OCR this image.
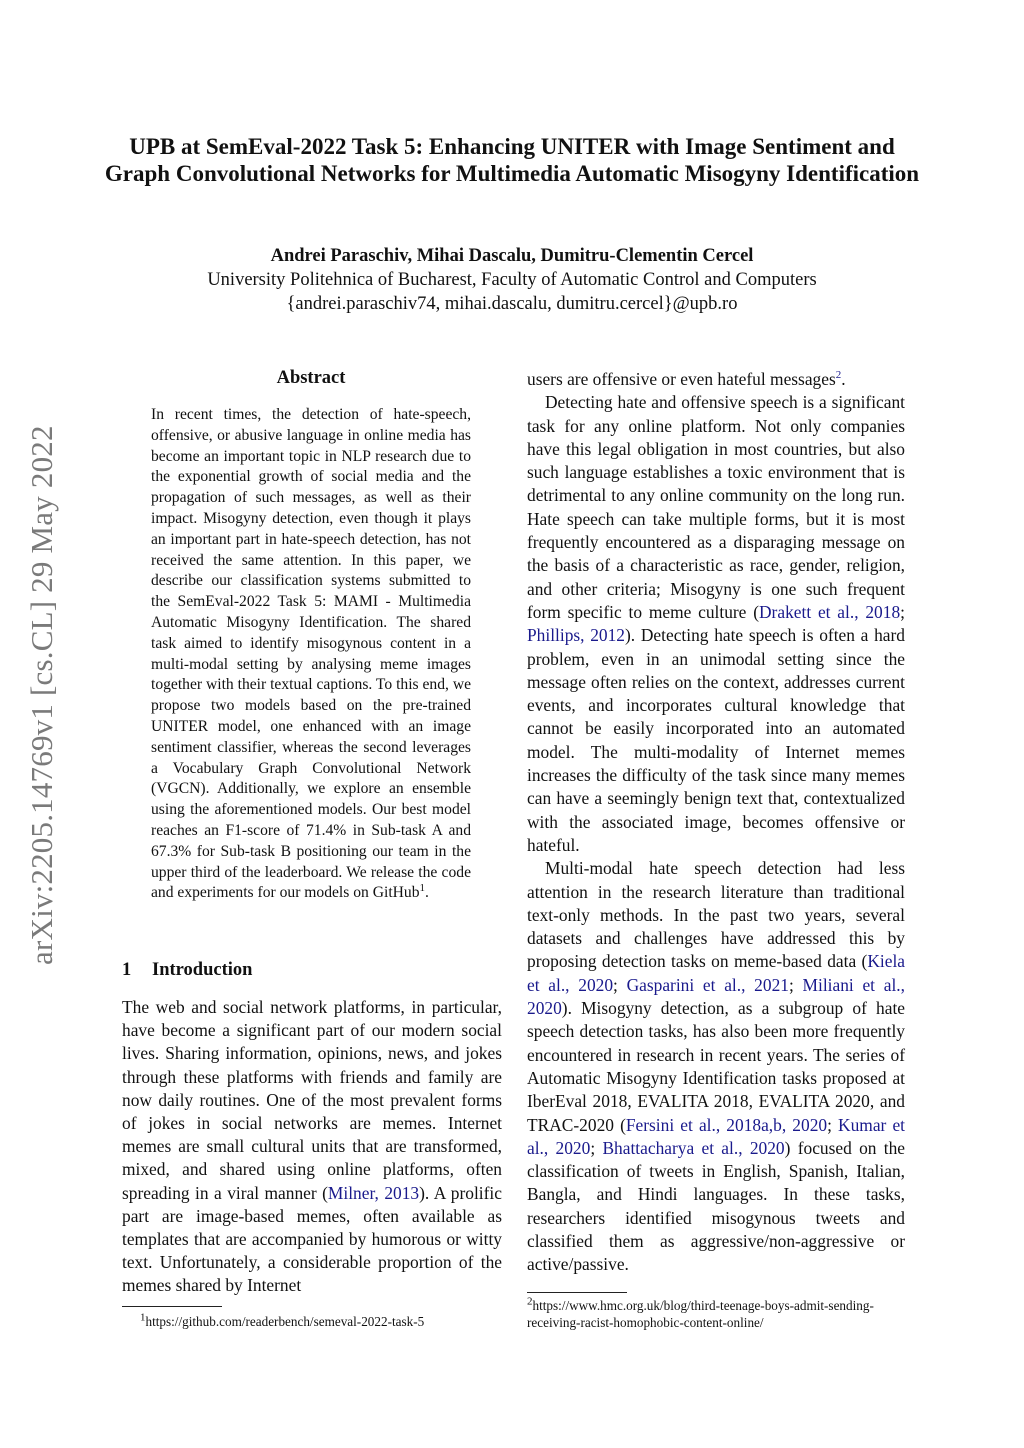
arXiv:2205.14769v1 [cs.CL] 29 May 2022
UPB at SemEval-2022 Task 5: Enhancing UNITER with Image Sentiment and Graph Convolutional Networks for Multimedia Automatic Misogyny Identification
Andrei Paraschiv, Mihai Dascalu, Dumitru-Clementin Cercel
University Politehnica of Bucharest, Faculty of Automatic Control and Computers
{andrei.paraschiv74, mihai.dascalu, dumitru.cercel}@upb.ro
Abstract
In recent times, the detection of hate-speech, offensive, or abusive language in online media has become an important topic in NLP research due to the exponential growth of social media and the propagation of such messages, as well as their impact. Misogyny detection, even though it plays an important part in hate-speech detection, has not received the same attention. In this paper, we describe our classification systems submitted to the SemEval-2022 Task 5: MAMI - Multimedia Automatic Misogyny Identification. The shared task aimed to identify misogynous content in a multi-modal setting by analysing meme images together with their textual captions. To this end, we propose two models based on the pre-trained UNITER model, one enhanced with an image sentiment classifier, whereas the second leverages a Vocabulary Graph Convolutional Network (VGCN). Additionally, we explore an ensemble using the aforementioned models. Our best model reaches an F1-score of 71.4% in Sub-task A and 67.3% for Sub-task B positioning our team in the upper third of the leaderboard. We release the code and experiments for our models on GitHub$^1$.
1 Introduction

The web and social network platforms, in particular, have become a significant part of our modern social lives. Sharing information, opinions, news, and jokes through these platforms with friends and family are now daily routines. One of the most prevalent forms of jokes in social networks are memes. Internet memes are small cultural units that are transformed, mixed, and shared using online platforms, often spreading in a viral manner (Milner, 2013). A prolific part are image-based memes, often available as templates that are accompanied by humorous or witty text. Unfortunately, a considerable proportion of the memes shared by Internet

users are offensive or even hateful messages$^2$.

Detecting hate and offensive speech is a significant task for any online platform. Not only companies have this legal obligation in most countries, but also such language establishes a toxic environment that is detrimental to any online community on the long run. Hate speech can take multiple forms, but it is most frequently encountered as a disparaging message on the basis of a characteristic as race, gender, religion, and other criteria; Misogyny is one such frequent form specific to meme culture (Drakett et al., 2018; Phillips, 2012). Detecting hate speech is often a hard problem, even in an unimodal setting since the message often relies on the context, addresses current events, and incorporates cultural knowledge that cannot be easily incorporated into an automated model. The multi-modality of Internet memes increases the difficulty of the task since many memes can have a seemingly benign text that, contextualized with the associated image, becomes offensive or hateful.

Multi-modal hate speech detection had less attention in the research literature than traditional text-only methods. In the past two years, several datasets and challenges have addressed this by proposing detection tasks on meme-based data (Kiela et al., 2020; Gasparini et al., 2021; Miliani et al., 2020). Misogyny detection, as a subgroup of hate speech detection tasks, has also been more frequently encountered in research in recent years. The series of Automatic Misogyny Identification tasks proposed at IberEval 2018, EVALITA 2018, EVALITA 2020, and TRAC-2020 (Fersini et al., 2018a,b, 2020; Kumar et al., 2020; Bhattacharya et al., 2020) focused on the classification of tweets in English, Spanish, Italian, Bangla, and Hindi languages. In these tasks, researchers identified misogynous tweets and classified them as aggressive/non-aggressive or active/passive.

$^1$https://github.com/readerbench/semeval-2022-task-5
$^2$https://www.hmc.org.uk/blog/third-teenage-boys-admit-sending-receiving-racist-homophobic-content-online/
